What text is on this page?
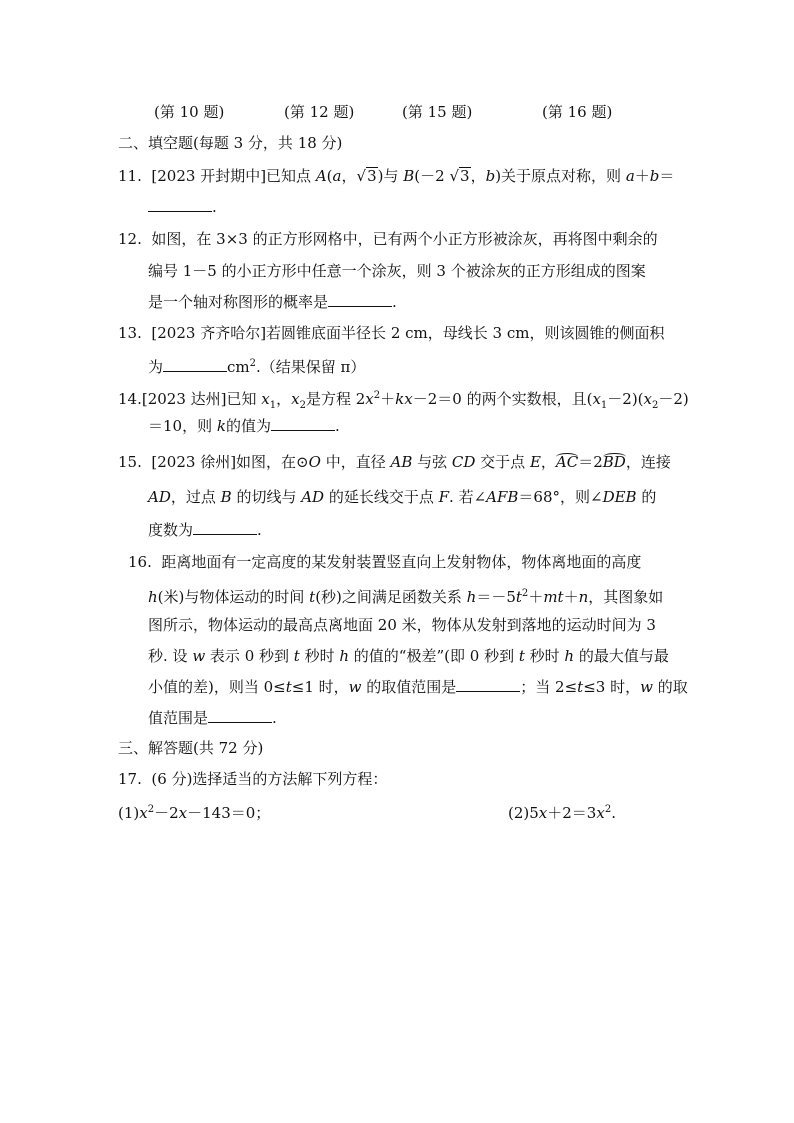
(第 10 题)	(第 12 题)	(第 15 题)	(第 16 题)
二、填空题(每题 3 分，共 18 分)
11. [2023 开封期中]已知点 A(a，√3)与 B(－2 √3，b)关于原点对称，则 a＋b＝
.
12. 如图，在 3×3 的正方形网格中，已有两个小正方形被涂灰，再将图中剩余的
编号 1－5 的小正方形中任意一个涂灰，则 3 个被涂灰的正方形组成的图案
是一个轴对称图形的概率是	.
13. [2023 齐齐哈尔]若圆锥底面半径长 2 cm，母线长 3 cm，则该圆锥的侧面积
为	$cm^2$.（结果保留 π）
14.[2023 达州]已知 $x_1$，$x_2$是方程 $2x^2+kx-2=0$ 的两个实数根，且$(x_1-2)(x_2-2)$
＝10，则 k的值为	.
15. [2023 徐州]如图，在⊙O 中，直径 AB 与弦 CD 交于点 E，AC＝2BD，连接
AD，过点 B 的切线与 AD 的延长线交于点 F. 若∠AFB＝68°，则∠DEB 的
度数为	.
16. 距离地面有一定高度的某发射装置竖直向上发射物体，物体离地面的高度
h(米)与物体运动的时间 t(秒)之间满足函数关系 $h=-5t^2+mt+n$，其图象如
图所示，物体运动的最高点离地面 20 米，物体从发射到落地的运动时间为 3
秒. 设 w 表示 0 秒到 t 秒时 h 的值的“极差”(即 0 秒到 t 秒时 h 的最大值与最
小值的差)，则当 0≤t≤1 时，w 的取值范围是	；当 2≤t≤3 时，w 的取
值范围是	.
三、解答题(共 72 分)
17. (6 分)选择适当的方法解下列方程：
$(1)x^2-2x-143=0$；	$(2)5x+2=3x^2$.
